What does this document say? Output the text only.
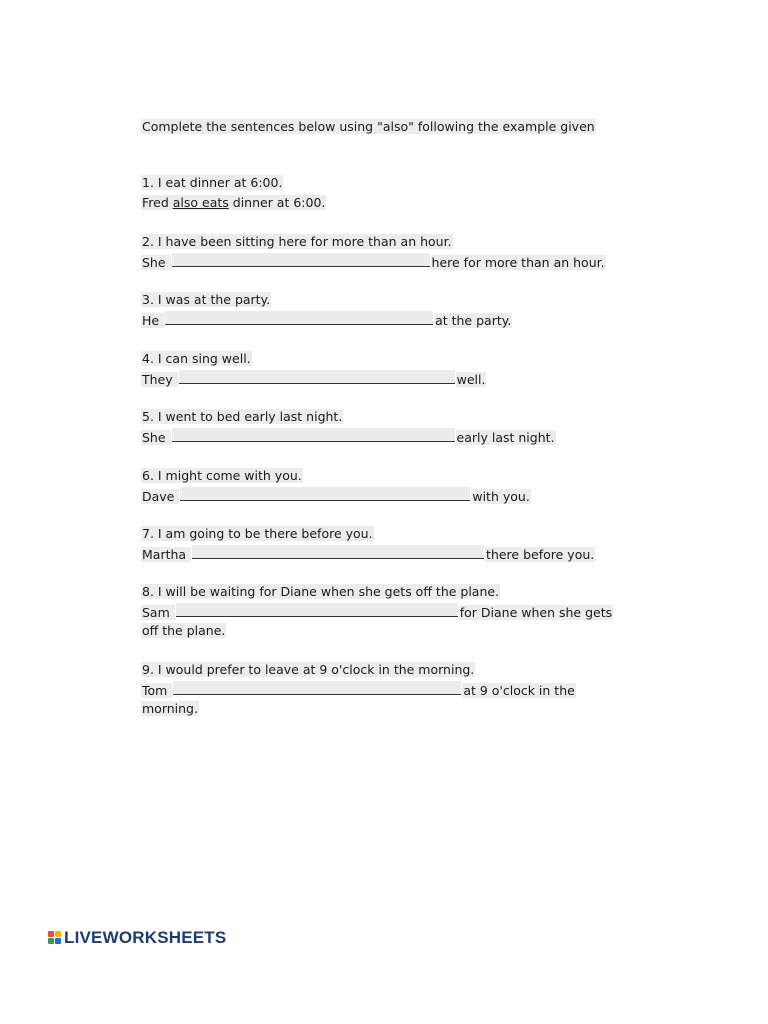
Complete the sentences below using "also" following the example given
1. I eat dinner at 6:00.
Fred also eats dinner at 6:00.
2. I have been sitting here for more than an hour.
She	here for more than an hour.
3. I was at the party.
He	at the party.
4. I can sing well.
They	well.
5. I went to bed early last night.
She	early last night.
6. I might come with you.
Dave	with you.
7. I am going to be there before you.
Martha	there before you.
8. I will be waiting for Diane when she gets off the plane.
Sam	for Diane when she gets
off the plane.
9. I would prefer to leave at 9 o'clock in the morning.
Tom	at 9 o'clock in the
morning.
LIVEWORKSHEETS
